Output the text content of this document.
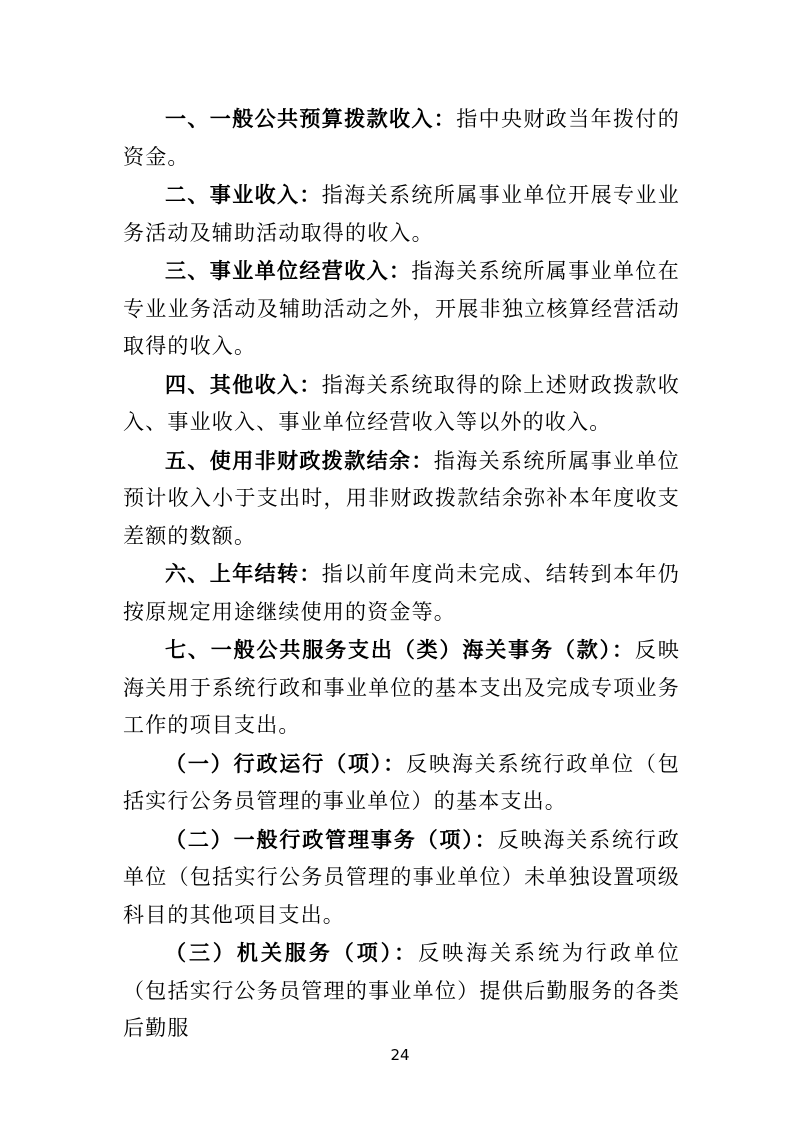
一、一般公共预算拨款收入：指中央财政当年拨付的资金。

二、事业收入：指海关系统所属事业单位开展专业业务活动及辅助活动取得的收入。

三、事业单位经营收入：指海关系统所属事业单位在专业业务活动及辅助活动之外，开展非独立核算经营活动取得的收入。

四、其他收入：指海关系统取得的除上述财政拨款收入、事业收入、事业单位经营收入等以外的收入。

五、使用非财政拨款结余：指海关系统所属事业单位预计收入小于支出时，用非财政拨款结余弥补本年度收支差额的数额。

六、上年结转：指以前年度尚未完成、结转到本年仍按原规定用途继续使用的资金等。

七、一般公共服务支出（类）海关事务（款）：反映海关用于系统行政和事业单位的基本支出及完成专项业务工作的项目支出。

（一）行政运行（项）：反映海关系统行政单位（包括实行公务员管理的事业单位）的基本支出。

（二）一般行政管理事务（项）：反映海关系统行政单位（包括实行公务员管理的事业单位）未单独设置项级科目的其他项目支出。

（三）机关服务（项）：反映海关系统为行政单位（包括实行公务员管理的事业单位）提供后勤服务的各类后勤服

24
